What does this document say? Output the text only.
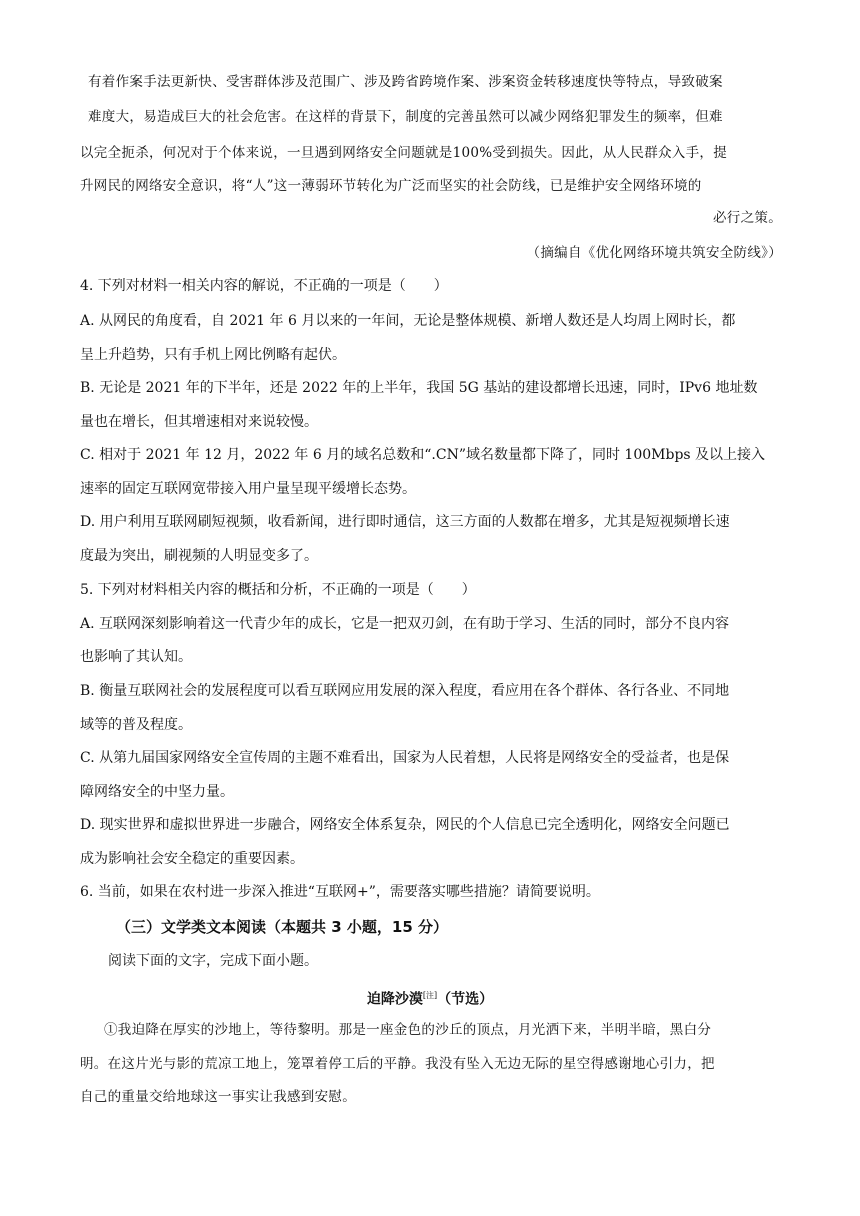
有着作案手法更新快、受害群体涉及范围广、涉及跨省跨境作案、涉案资金转移速度快等特点，导致破案
难度大，易造成巨大的社会危害。在这样的背景下，制度的完善虽然可以减少网络犯罪发生的频率，但难
以完全扼杀，何况对于个体来说，一旦遇到网络安全问题就是100%受到损失。因此，从人民群众入手，提
升网民的网络安全意识，将“人”这一薄弱环节转化为广泛而坚实的社会防线，已是维护安全网络环境的
必行之策。
（摘编自《优化网络环境共筑安全防线》）
4. 下列对材料一相关内容的解说，不正确的一项是（　　）
A. 从网民的角度看，自 2021 年 6 月以来的一年间，无论是整体规模、新增人数还是人均周上网时长，都
呈上升趋势，只有手机上网比例略有起伏。
B. 无论是 2021 年的下半年，还是 2022 年的上半年，我国 5G 基站的建设都增长迅速，同时，IPv6 地址数
量也在增长，但其增速相对来说较慢。
C. 相对于 2021 年 12 月，2022 年 6 月的域名总数和“.CN”域名数量都下降了，同时 100Mbps 及以上接入
速率的固定互联网宽带接入用户量呈现平缓增长态势。
D. 用户利用互联网刷短视频，收看新闻，进行即时通信，这三方面的人数都在增多，尤其是短视频增长速
度最为突出，刷视频的人明显变多了。
5. 下列对材料相关内容的概括和分析，不正确的一项是（　　）
A. 互联网深刻影响着这一代青少年的成长，它是一把双刃剑，在有助于学习、生活的同时，部分不良内容
也影响了其认知。
B. 衡量互联网社会的发展程度可以看互联网应用发展的深入程度，看应用在各个群体、各行各业、不同地
域等的普及程度。
C. 从第九届国家网络安全宣传周的主题不难看出，国家为人民着想，人民将是网络安全的受益者，也是保
障网络安全的中坚力量。
D. 现实世界和虚拟世界进一步融合，网络安全体系复杂，网民的个人信息已完全透明化，网络安全问题已
成为影响社会安全稳定的重要因素。
6. 当前，如果在农村进一步深入推进“互联网+”，需要落实哪些措施？请简要说明。
（三）文学类文本阅读（本题共 3 小题，15 分）
阅读下面的文字，完成下面小题。
迫降沙漠[注]（节选）
①我迫降在厚实的沙地上，等待黎明。那是一座金色的沙丘的顶点，月光洒下来，半明半暗，黑白分
明。在这片光与影的荒凉工地上，笼罩着停工后的平静。我没有坠入无边无际的星空得感谢地心引力，把
自己的重量交给地球这一事实让我感到安慰。
